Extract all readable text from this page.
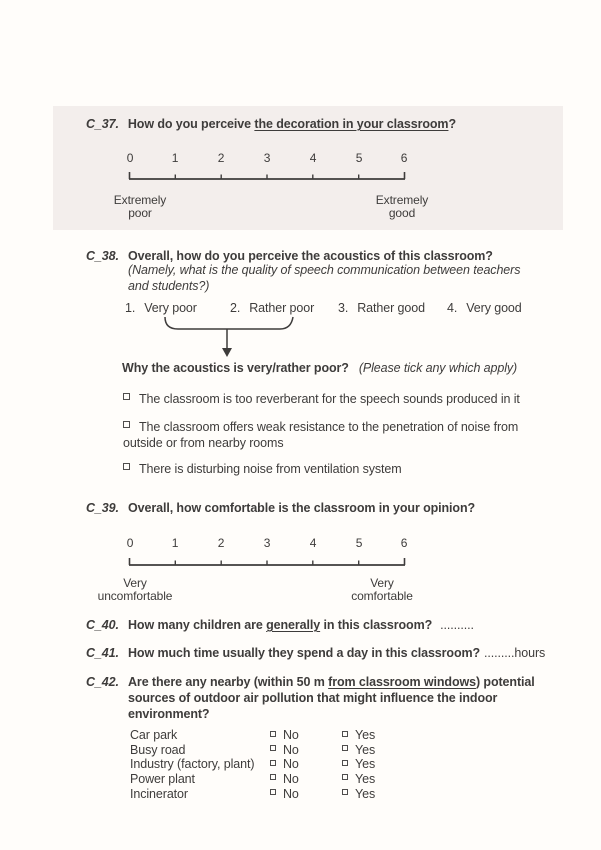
C_37. How do you perceive the decoration in your classroom?
0	1	2	3	4	5	6
Extremely
poor
Extremely
good
C_38. Overall, how do you perceive the acoustics of this classroom?
(Namely, what is the quality of speech communication between teachers
and students?)
1. Very poor	2. Rather poor 3. Rather good 4. Very good
Why the acoustics is very/rather poor? (Please tick any which apply)
The classroom is too reverberant for the speech sounds produced in it
The classroom offers weak resistance to the penetration of noise from
outside or from nearby rooms
There is disturbing noise from ventilation system
C_39. Overall, how comfortable is the classroom in your opinion?
0	1	2	3	4	5	6
Very
uncomfortable
Very
comfortable
C_40. How many children are generally in this classroom? ..........
C_41. How much time usually they spend a day in this classroom? .........hours
C_42. Are there any nearby (within 50 m from classroom windows) potential
sources of outdoor air pollution that might influence the indoor
environment?
Car park	No	Yes
Busy road	No	Yes
Industry (factory, plant)	No	Yes
Power plant	No	Yes
Incinerator	No	Yes
